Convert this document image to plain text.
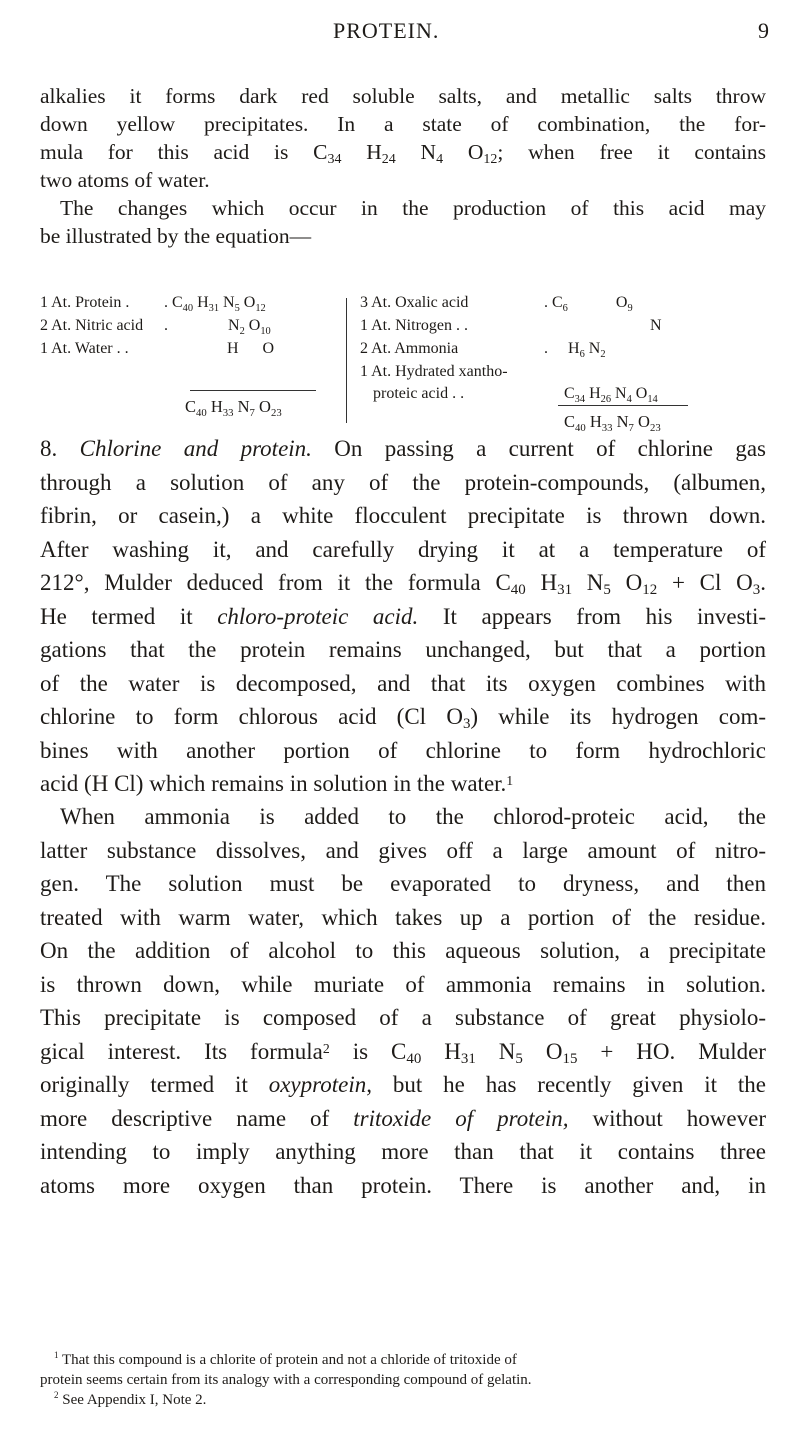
PROTEIN.	9
alkalies it forms dark red soluble salts, and metallic salts throw
down yellow precipitates. In a state of combination, the for-
mula for this acid is $C_{34}$ $H_{24}$ $N_4$ $O_{12}$; when free it contains
two atoms of water.
The changes which occur in the production of this acid may
be illustrated by the equation—
1 At. Protein . . $C_{40}$ $H_{31}$ $N_5$ $O_{12}$
2 At. Nitric acid .               $N_2$ $O_{10}$
1 At. Water . .	H      O
$C_{40}$ $H_{33}$ $N_7$ $O_{23}$
3 At. Oxalic acid	. $C_6$            $O_9$
1 At. Nitrogen . .	N
2 At. Ammonia	.     $H_6$ $N_2$
1 At. Hydrated xantho-
proteic acid . .	$C_{34}$ $H_{26}$ $N_4$ $O_{14}$
$C_{40}$ $H_{33}$ $N_7$ $O_{23}$
8. Chlorine and protein. On passing a current of chlorine gas
through a solution of any of the protein-compounds, (albumen,
fibrin, or casein,) a white flocculent precipitate is thrown down.
After washing it, and carefully drying it at a temperature of
212°, Mulder deduced from it the formula $C_{40}$ $H_{31}$ $N_5$ $O_{12} + Cl$ $O_3$.
He termed it chloro-proteic acid. It appears from his investi-
gations that the protein remains unchanged, but that a portion
of the water is decomposed, and that its oxygen combines with
chlorine to form chlorous acid (Cl $O_3$) while its hydrogen com-
bines with another portion of chlorine to form hydrochloric
acid (H Cl) which remains in solution in the water.$^1$
When ammonia is added to the chlorod-proteic acid, the
latter substance dissolves, and gives off a large amount of nitro-
gen. The solution must be evaporated to dryness, and then
treated with warm water, which takes up a portion of the residue.
On the addition of alcohol to this aqueous solution, a precipitate
is thrown down, while muriate of ammonia remains in solution.
This precipitate is composed of a substance of great physiolo-
gical interest. Its formula$^2$ is $C_{40}$ $H_{31}$ $N_5$ $O_{15}$ + HO. Mulder
originally termed it oxyprotein, but he has recently given it the
more descriptive name of tritoxide of protein, without however
intending to imply anything more than that it contains three
atoms more oxygen than protein. There is another and, in
$^1$ That this compound is a chlorite of protein and not a chloride of tritoxide of
protein seems certain from its analogy with a corresponding compound of gelatin.
$^2$ See Appendix I, Note 2.
